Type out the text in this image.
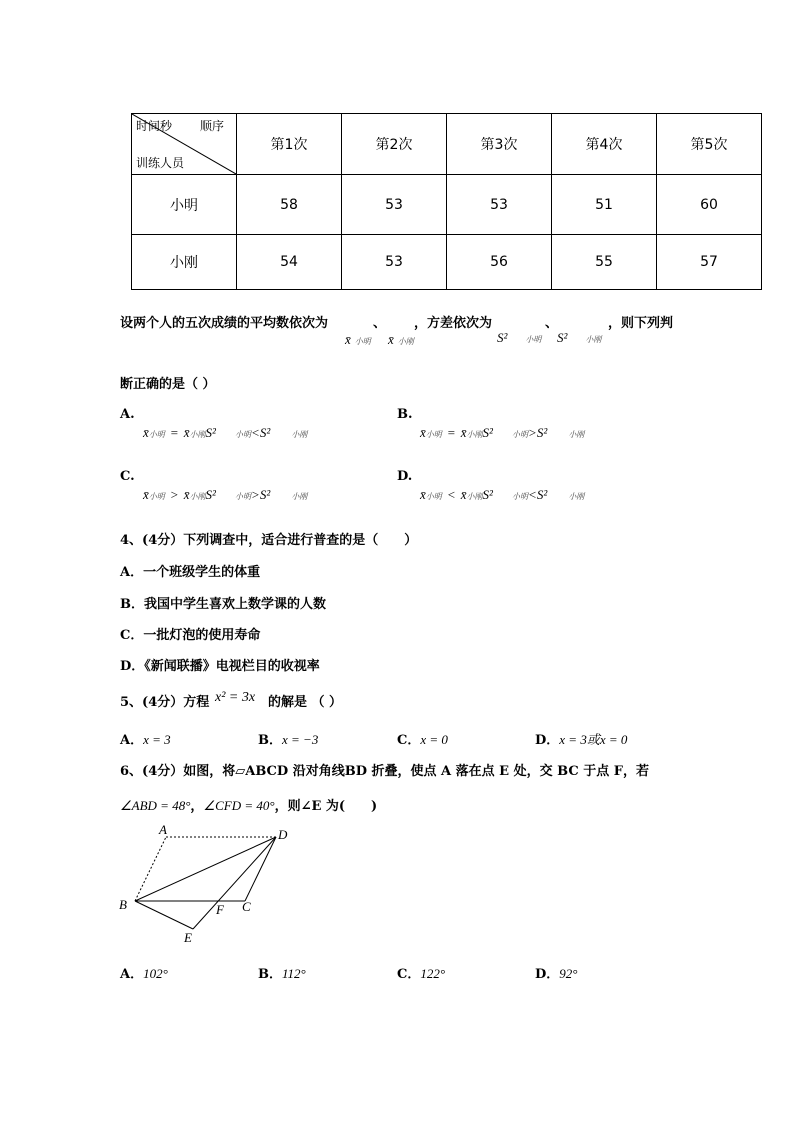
时间秒 顺序
训练人员	第1次	第2次	第3次	第4次	第5次
小明	58	53	53	51	60
小刚	54	53	56	55	57
设两个人的五次成绩的平均数依次为	、 ，方差依次为	、	，则下列判
x̄小明 x̄小刚	S² 小明 S² 小刚
断正确的是（ ）
A.
x̄小明 = x̄小刚S² 小明<S²	小刚
B.
x̄小明 = x̄小刚S² 小明>S²	小刚
C.
x̄小明 > x̄小刚S² 小明>S²	小刚
D.
x̄小明 < x̄小刚S² 小明<S²	小刚
4、(4分）下列调查中，适合进行普查的是（　　）
A．一个班级学生的体重
B．我国中学生喜欢上数学课的人数
C．一批灯泡的使用寿命
D．《新闻联播》电视栏目的收视率
5、(4分）方程 x² = 3x 的解是 （ ）
A．x = 3	B．x = −3	C．x = 0	D．x = 3或x = 0
6、(4分）如图，将▱ABCD 沿对角线BD 折叠，使点 A 落在点 E 处，交 BC 于点 F，若
∠ABD = 48°，∠CFD = 40°，则∠E 为(　　)
A	D
B	C
F
E
A．102°	B．112°	C．122°	D．92°
